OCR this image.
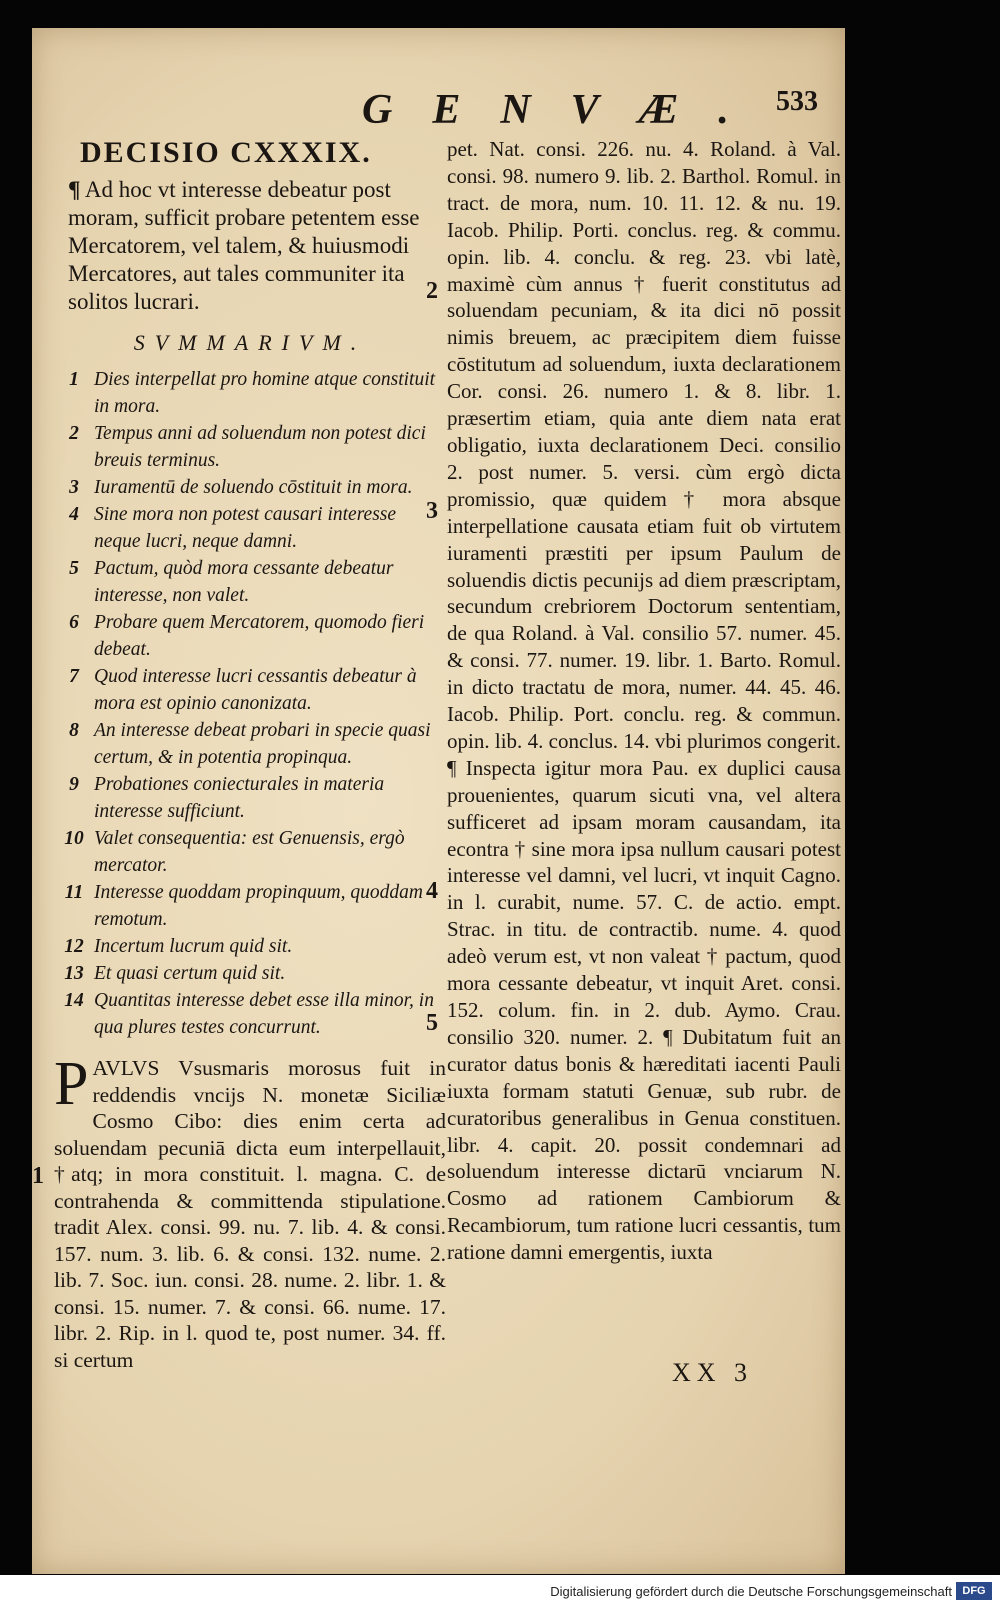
GENVÆ. 533
DECISIO CXXXIX.

¶ Ad hoc vt interesse debeatur post moram, sufficit probare petentem esse Mercatorem, vel talem, & huiusmodi Mercatores, aut tales communiter ita solitos lucrari.

SVMMARIVM.
1 Dies interpellat pro homine atque constituit in mora.
2 Tempus anni ad soluendum non potest dici breuis terminus.
3 Iuramentū de soluendo cōstituit in mora.
4 Sine mora non potest causari interesse neque lucri, neque damni.
5 Pactum, quòd mora cessante debeatur interesse, non valet.
6 Probare quem Mercatorem, quomodo fieri debeat.
7 Quod interesse lucri cessantis debeatur à mora est opinio canonizata.
8 An interesse debeat probari in specie quasi certum, & in potentia propinqua.
9 Probationes coniecturales in materia interesse sufficiunt.
10 Valet consequentia: est Genuensis, ergò mercator.
11 Interesse quoddam propinquum, quoddam remotum.
12 Incertum lucrum quid sit.
13 Et quasi certum quid sit.
14 Quantitas interesse debet esse illa minor, in qua plures testes concurrunt.

PAVLVS Vsusmaris morosus fuit in reddendis vncijs N. monetæ Siciliæ Cosmo Cibo: dies enim certa ad soluendam pecuniā dicta eum interpellauit, †atq; in mora constituit. l. magna. C. de contrahenda & committenda stipulatione. tradit Alex. consi. 99. nu. 7. lib. 4. & consi. 157. num. 3. lib. 6. & consi. 132. nume. 2. lib. 7. Soc. iun. consi. 28. nume. 2. libr. 1. & consi. 15. numer. 7. & consi. 66. nume. 17. libr. 2. Rip. in l. quod te, post numer. 34. ff. si certum

1

pet. Nat. consi. 226. nu. 4. Roland. à Val. consi. 98. numero 9. lib. 2. Barthol. Romul. in tract. de mora, num. 10. 11. 12. & nu. 19. Iacob. Philip. Porti. conclus. reg. & commu. opin. lib. 4. conclu. & reg. 23. vbi latè, maximè cùm annus † fuerit constitutus ad soluendam pecuniam, & ita dici nō possit nimis breuem, ac præcipitem diem fuisse cōstitutum ad soluendum, iuxta declarationem Cor. consi. 26. numero 1. & 8. libr. 1. præsertim etiam, quia ante diem nata erat obligatio, iuxta declarationem Deci. consilio 2. post numer. 5. versi. cùm ergò dicta promissio, quæ quidem † mora absque interpellatione causata etiam fuit ob virtutem iuramenti præstiti per ipsum Paulum de soluendis dictis pecunijs ad diem præscriptam, secundum crebriorem Doctorum sententiam, de qua Roland. à Val. consilio 57. numer. 45. & consi. 77. numer. 19. libr. 1. Barto. Romul. in dicto tractatu de mora, numer. 44. 45. 46. Iacob. Philip. Port. conclu. reg. & commun. opin. lib. 4. conclus. 14. vbi plurimos congerit. ¶ Inspecta igitur mora Pau. ex duplici causa prouenientes, quarum sicuti vna, vel altera sufficeret ad ipsam moram causandam, ita econtra † sine mora ipsa nullum causari potest interesse vel damni, vel lucri, vt inquit Cagno. in l. curabit, nume. 57. C. de actio. empt. Strac. in titu. de contractib. nume. 4. quod adeò verum est, vt non valeat † pactum, quod mora cessante debeatur, vt inquit Aret. consi. 152. colum. fin. in 2. dub. Aymo. Crau. consilio 320. numer. 2. ¶ Dubitatum fuit an curator datus bonis & hæreditati iacenti Pauli iuxta formam statuti Genuæ, sub rubr. de curatoribus generalibus in Genua constituen. libr. 4. capit. 20. possit condemnari ad soluendum interesse dictarū vnciarum N. Cosmo ad rationem Cambiorum & Recambiorum, tum ratione lucri cessantis, tum ratione damni emergentis, iuxta

2
3
4
5
XX 3
Digitalisierung gefördert durch die Deutsche Forschungsgemeinschaft DFG
